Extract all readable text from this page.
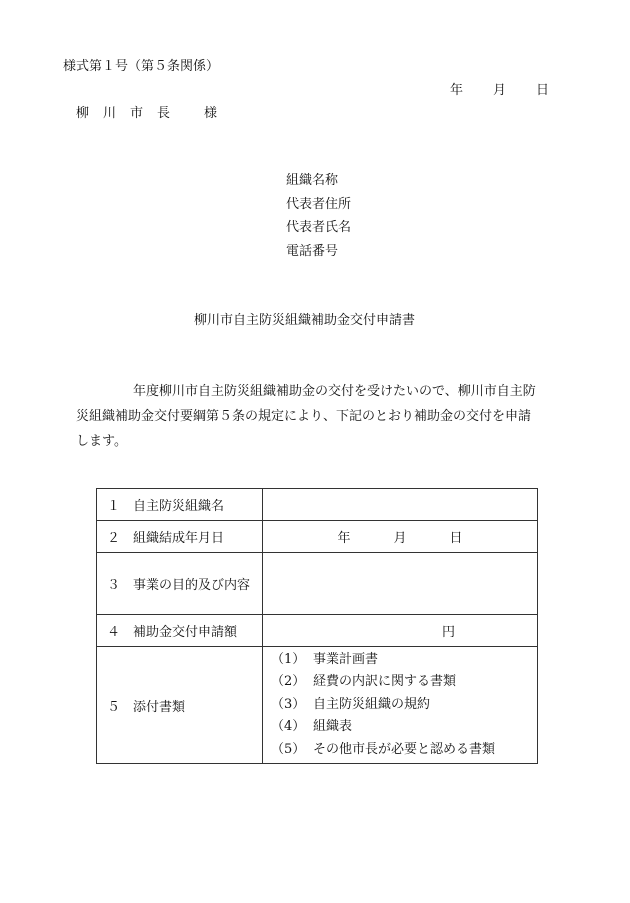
様式第１号（第５条関係）
年 月 日
柳 川 市 長	様
組織名称
代表者住所
代表者氏名
電話番号
柳川市自主防災組織補助金交付申請書
年度柳川市自主防災組織補助金の交付を受けたいので、柳川市自主防
災組織補助金交付要綱第５条の規定により、下記のとおり補助金の交付を申請
します。
１　自主防災組織名	
２　組織結成年月日	年 月 日
３　事業の目的及び内容	
４　補助金交付申請額	円
５　添付書類	（1） 事業計画書
（2） 経費の内訳に関する書類
（3） 自主防災組織の規約
（4） 組織表
（5） その他市長が必要と認める書類
